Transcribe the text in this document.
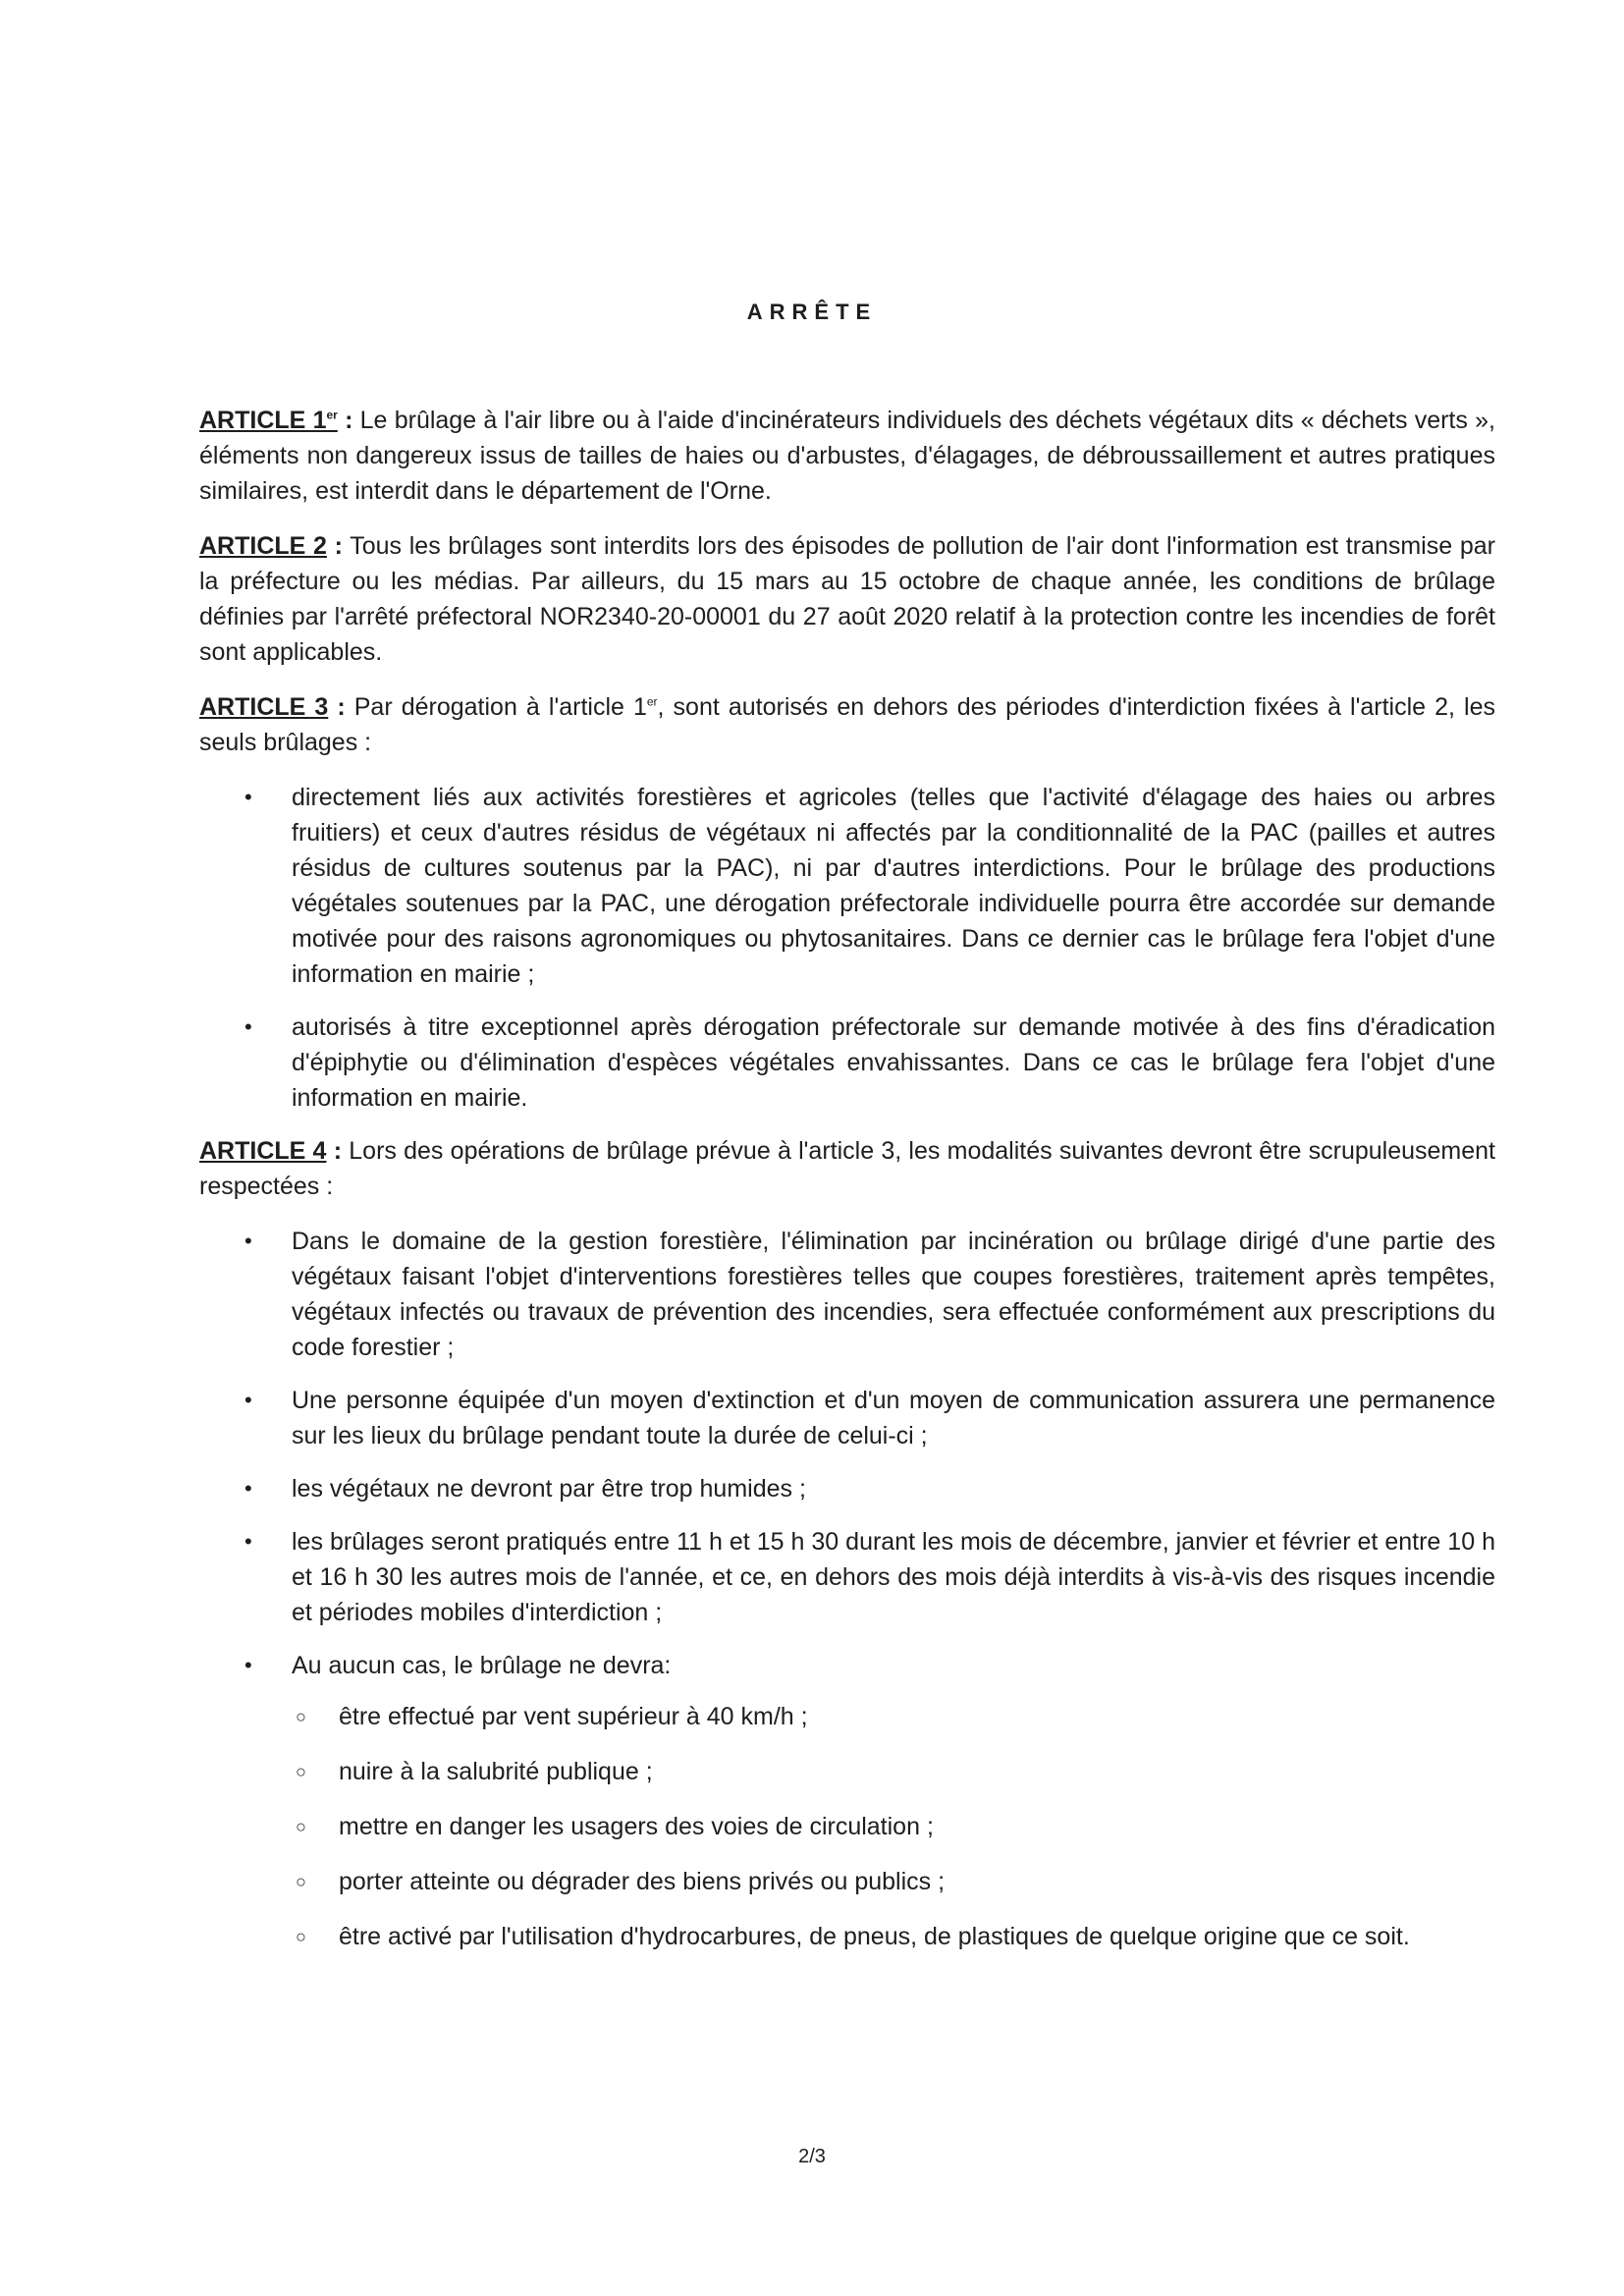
ARRÊTE

ARTICLE 1er : Le brûlage à l'air libre ou à l'aide d'incinérateurs individuels des déchets végétaux dits « déchets verts », éléments non dangereux issus de tailles de haies ou d'arbustes, d'élagages, de débroussaillement et autres pratiques similaires, est interdit dans le département de l'Orne.

ARTICLE 2 : Tous les brûlages sont interdits lors des épisodes de pollution de l'air dont l'information est transmise par la préfecture ou les médias. Par ailleurs, du 15 mars au 15 octobre de chaque année, les conditions de brûlage définies par l'arrêté préfectoral NOR2340-20-00001 du 27 août 2020 relatif à la protection contre les incendies de forêt sont applicables.

ARTICLE 3 : Par dérogation à l'article 1er, sont autorisés en dehors des périodes d'interdiction fixées à l'article 2, les seuls brûlages :

• directement liés aux activités forestières et agricoles (telles que l'activité d'élagage des haies ou arbres fruitiers) et ceux d'autres résidus de végétaux ni affectés par la conditionnalité de la PAC (pailles et autres résidus de cultures soutenus par la PAC), ni par d'autres interdictions. Pour le brûlage des productions végétales soutenues par la PAC, une dérogation préfectorale individuelle pourra être accordée sur demande motivée pour des raisons agronomiques ou phytosanitaires. Dans ce dernier cas le brûlage fera l'objet d'une information en mairie ;
• autorisés à titre exceptionnel après dérogation préfectorale sur demande motivée à des fins d'éradication d'épiphytie ou d'élimination d'espèces végétales envahissantes. Dans ce cas le brûlage fera l'objet d'une information en mairie.

ARTICLE 4 : Lors des opérations de brûlage prévue à l'article 3, les modalités suivantes devront être scrupuleusement respectées :

• Dans le domaine de la gestion forestière, l'élimination par incinération ou brûlage dirigé d'une partie des végétaux faisant l'objet d'interventions forestières telles que coupes forestières, traitement après tempêtes, végétaux infectés ou travaux de prévention des incendies, sera effectuée conformément aux prescriptions du code forestier ;
• Une personne équipée d'un moyen d'extinction et d'un moyen de communication assurera une permanence sur les lieux du brûlage pendant toute la durée de celui-ci ;
• les végétaux ne devront par être trop humides ;
• les brûlages seront pratiqués entre 11 h et 15 h 30 durant les mois de décembre, janvier et février et entre 10 h et 16 h 30 les autres mois de l'année, et ce, en dehors des mois déjà interdits à vis-à-vis des risques incendie et périodes mobiles d'interdiction ;
• Au aucun cas, le brûlage ne devra:
○ être effectué par vent supérieur à 40 km/h ;
○ nuire à la salubrité publique ;
○ mettre en danger les usagers des voies de circulation ;
○ porter atteinte ou dégrader des biens privés ou publics ;
○ être activé par l'utilisation d'hydrocarbures, de pneus, de plastiques de quelque origine que ce soit.
2/3
